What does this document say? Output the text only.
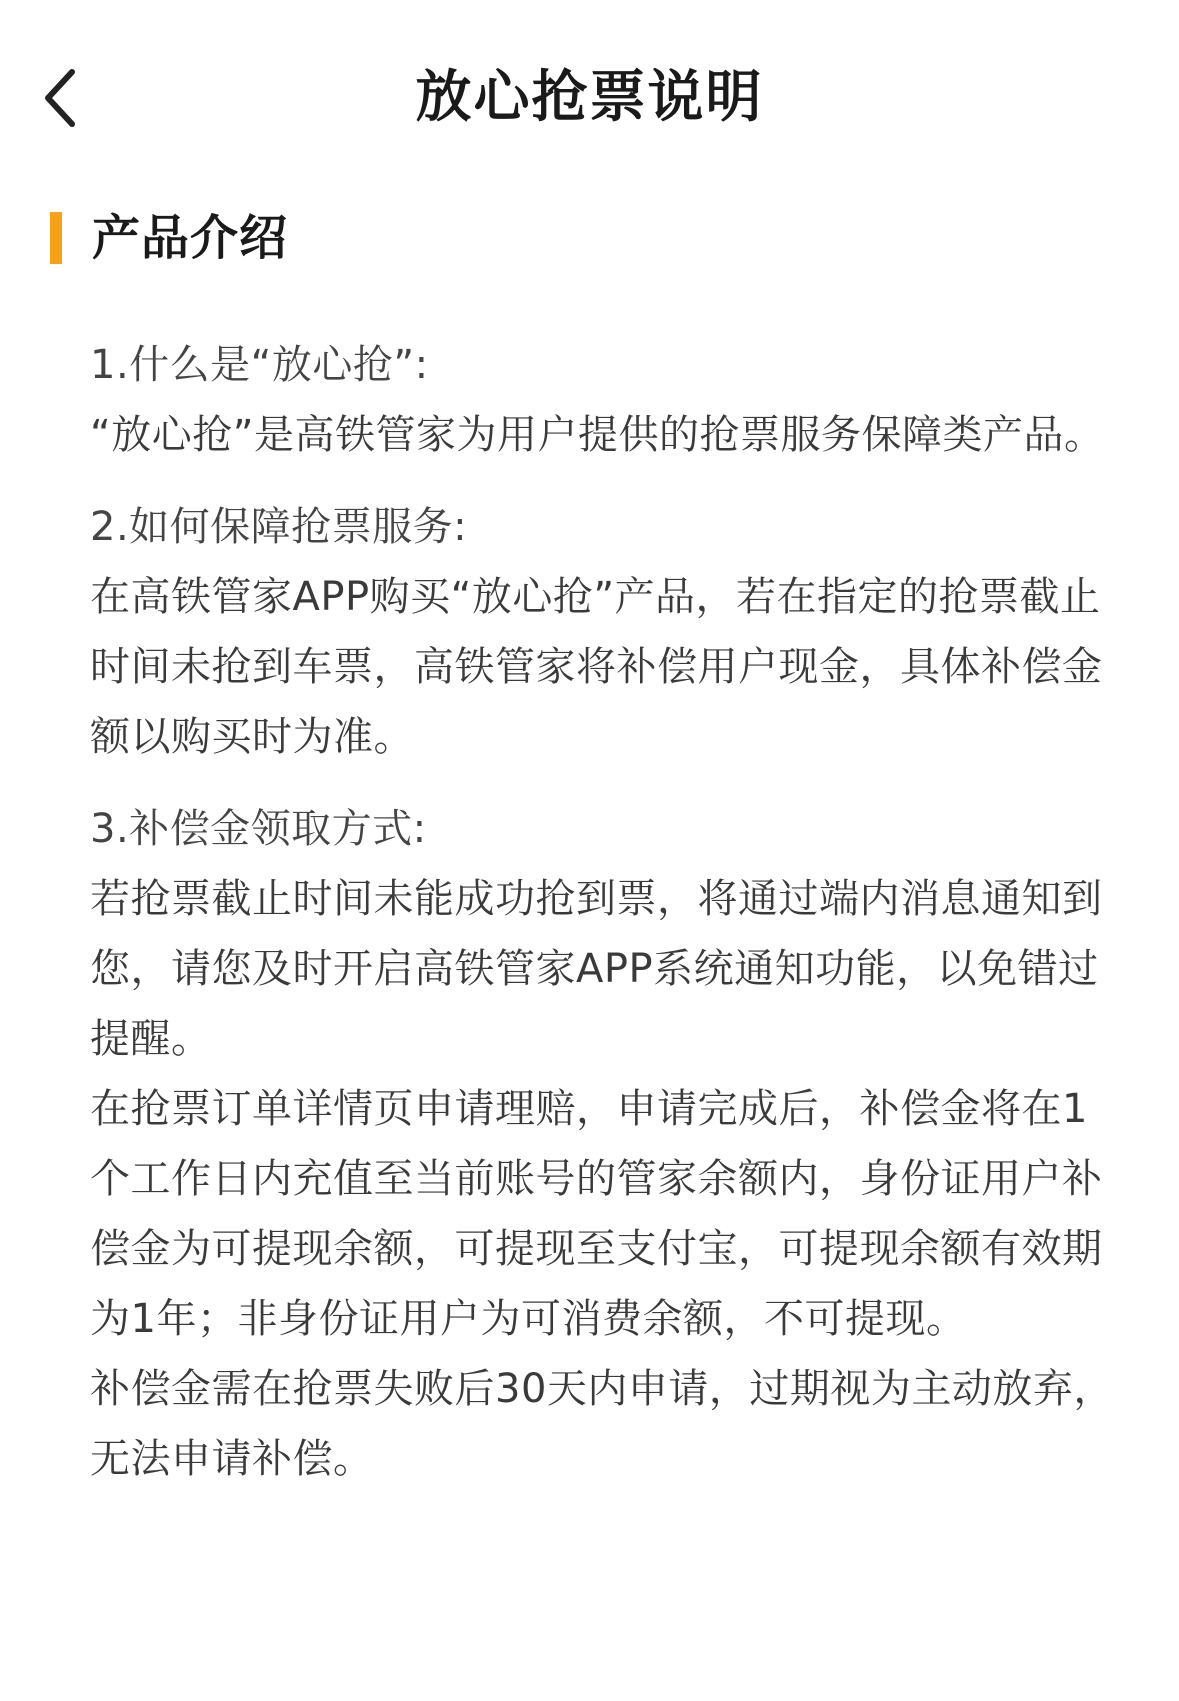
放心抢票说明
产品介绍

1.什么是“放心抢”:

“放心抢”是高铁管家为用户提供的抢票服务保障类产品。

2.如何保障抢票服务:

在高铁管家APP购买“放心抢”产品，若在指定的抢票截止时间未抢到车票，高铁管家将补偿用户现金，具体补偿金额以购买时为准。

3.补偿金领取方式:

若抢票截止时间未能成功抢到票，将通过端内消息通知到您，请您及时开启高铁管家APP系统通知功能，以免错过提醒。

在抢票订单详情页申请理赔，申请完成后，补偿金将在1个工作日内充值至当前账号的管家余额内，身份证用户补偿金为可提现余额，可提现至支付宝，可提现余额有效期为1年；非身份证用户为可消费余额，不可提现。

补偿金需在抢票失败后30天内申请，过期视为主动放弃，无法申请补偿。
